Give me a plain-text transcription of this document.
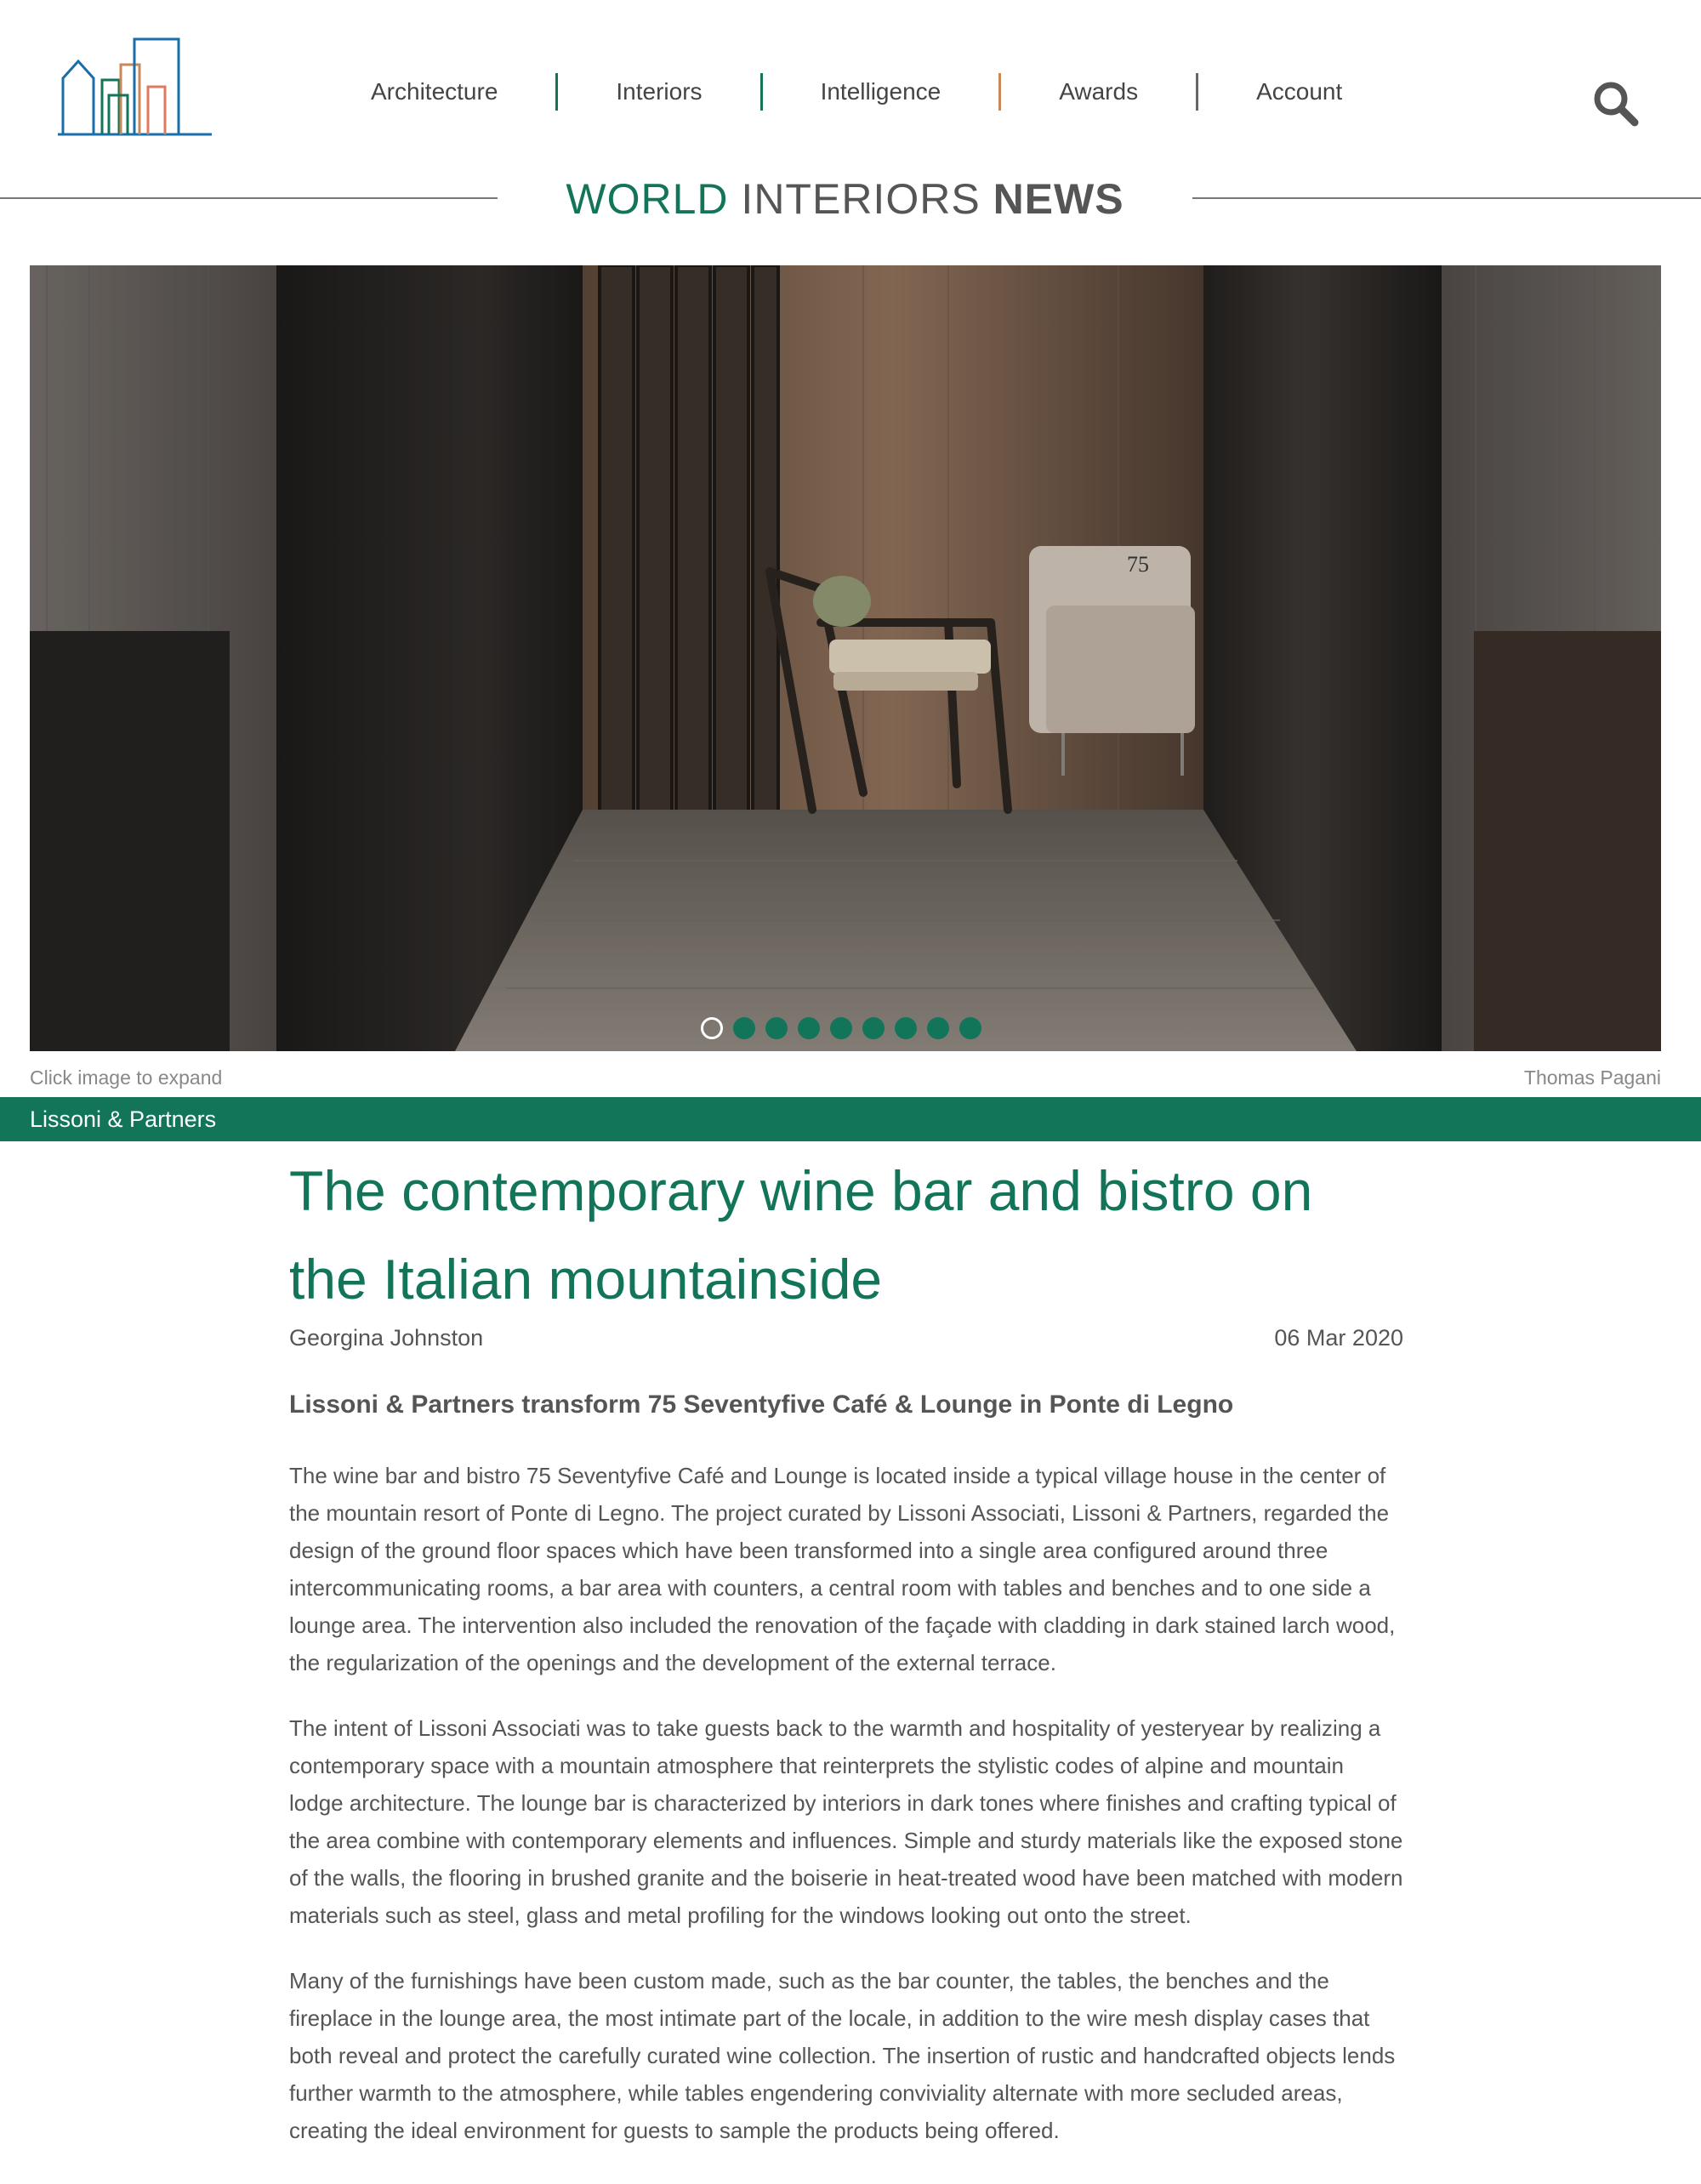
Architecture	Interiors	Intelligence	Awards	Account
WORLD INTERIORS NEWS
75
Click image to expand	Thomas Pagani
Lissoni & Partners
The contemporary wine bar and bistro on the Italian mountainside
Georgina Johnston	06 Mar 2020
Lissoni & Partners transform 75 Seventyfive Café & Lounge in Ponte di Legno

The wine bar and bistro 75 Seventyfive Café and Lounge is located inside a typical village house in the center of the mountain resort of Ponte di Legno. The project curated by Lissoni Associati, Lissoni & Partners, regarded the design of the ground floor spaces which have been transformed into a single area configured around three intercommunicating rooms, a bar area with counters, a central room with tables and benches and to one side a lounge area. The intervention also included the renovation of the façade with cladding in dark stained larch wood, the regularization of the openings and the development of the external terrace.

The intent of Lissoni Associati was to take guests back to the warmth and hospitality of yesteryear by realizing a contemporary space with a mountain atmosphere that reinterprets the stylistic codes of alpine and mountain lodge architecture. The lounge bar is characterized by interiors in dark tones where finishes and crafting typical of the area combine with contemporary elements and influences. Simple and sturdy materials like the exposed stone of the walls, the flooring in brushed granite and the boiserie in heat-treated wood have been matched with modern materials such as steel, glass and metal profiling for the windows looking out onto the street.

Many of the furnishings have been custom made, such as the bar counter, the tables, the benches and the fireplace in the lounge area, the most intimate part of the locale, in addition to the wire mesh display cases that both reveal and protect the carefully curated wine collection. The insertion of rustic and handcrafted objects lends further warmth to the atmosphere, while tables engendering conviviality alternate with more secluded areas, creating the ideal environment for guests to sample the products being offered.
